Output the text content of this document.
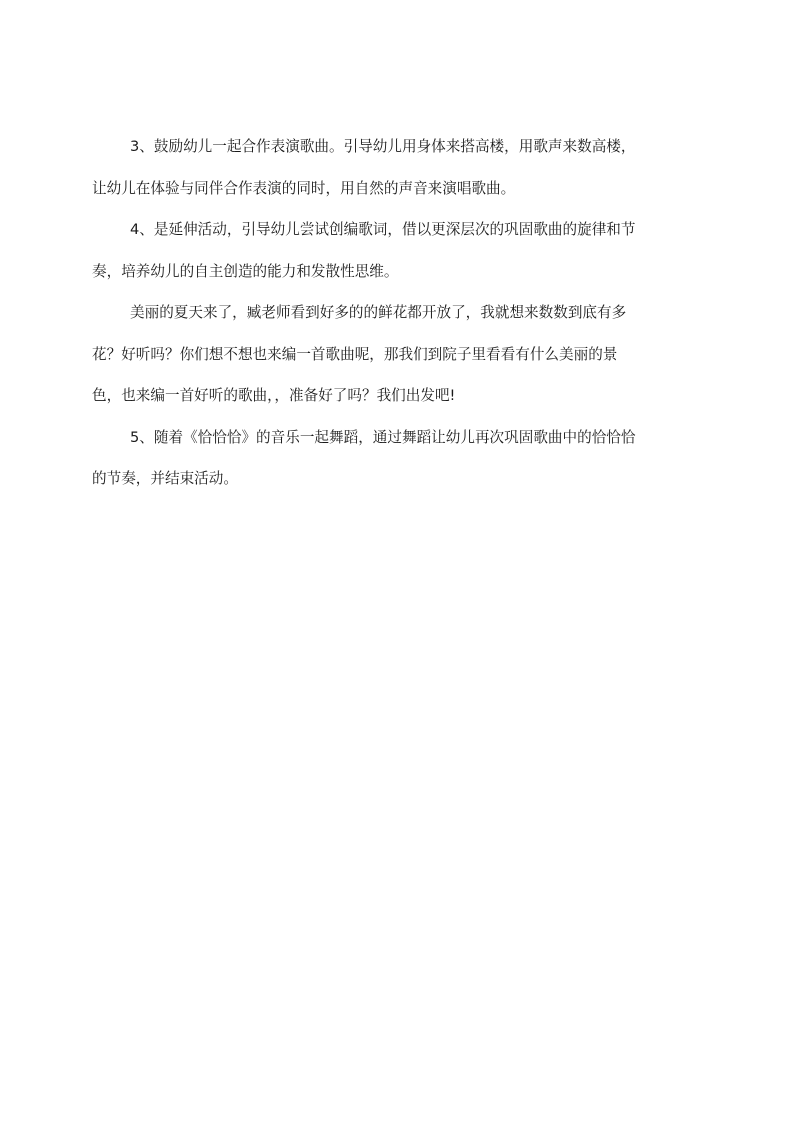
3、鼓励幼儿一起合作表演歌曲。引导幼儿用身体来搭高楼，用歌声来数高楼，
让幼儿在体验与同伴合作表演的同时，用自然的声音来演唱歌曲。
4、是延伸活动，引导幼儿尝试创编歌词，借以更深层次的巩固歌曲的旋律和节
奏，培养幼儿的自主创造的能力和发散性思维。
美丽的夏天来了，臧老师看到好多的的鲜花都开放了，我就想来数数到底有多
花？好听吗？你们想不想也来编一首歌曲呢，那我们到院子里看看有什么美丽的景
色，也来编一首好听的歌曲，，准备好了吗？我们出发吧!
5、随着《恰恰恰》的音乐一起舞蹈，通过舞蹈让幼儿再次巩固歌曲中的恰恰恰
的节奏，并结束活动。
